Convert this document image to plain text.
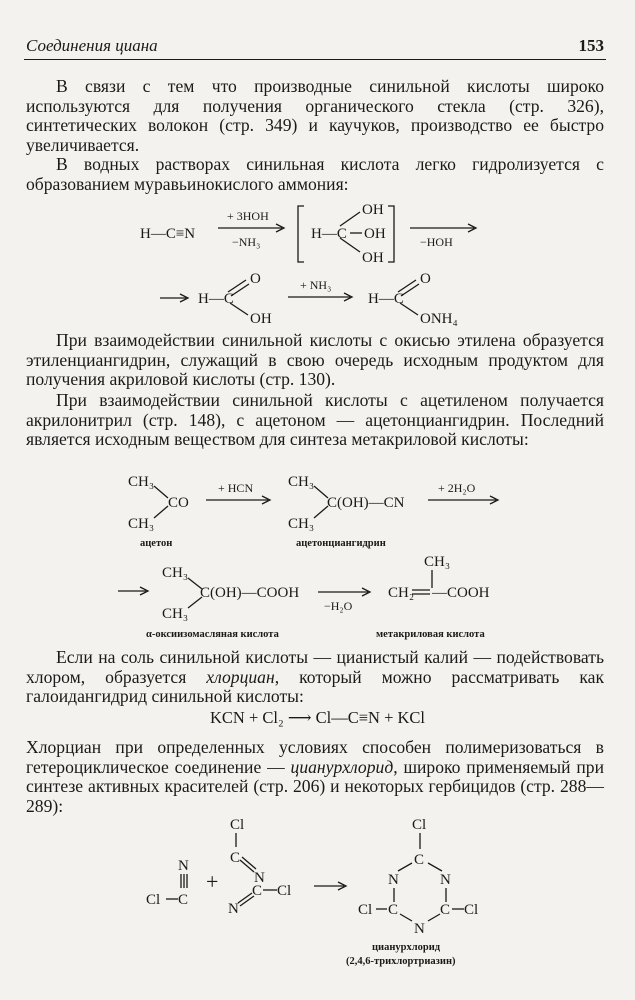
Соединения циана	153

В связи с тем что производные синильной кислоты широко используются для получения органического стекла (стр. 326), синтетических волокон (стр. 349) и каучуков, производство ее быстро увеличивается.

В водных растворах синильная кислота легко гидролизуется с образованием муравьинокислого аммония:

H—C≡N
+ 3HOH
−NH₃	H—C
OH
OH
OH
−HOH
H—C
O
OH
+ NH₃
H—C
O
ONH₄

При взаимодействии синильной кислоты с окисью этилена образуется этиленциангидрин, служащий в свою очередь исходным продуктом для получения акриловой кислоты (стр. 130).

При взаимодействии синильной кислоты с ацетиленом получается акрилонитрил (стр. 148), с ацетоном — ацетонциангидрин. Последний является исходным веществом для синтеза метакриловой кислоты:

CH₃
CO
CH₃
ацетон
+ HCN CH₃
C(OH)—CN
CH₃
ацетонциангидрин
+ 2H₂O
CH₃
C(OH)—COOH
CH₃
α-оксиизомасляная кислота
−H₂O
CH₂
CH₃
—COOH
метакриловая кислота

Если на соль синильной кислоты — цианистый калий — подействовать хлором, образуется хлорциан, который можно рассматривать как галоидангидрид синильной кислоты:

KCN + Cl₂ ⟶ Cl—C≡N + KCl

Хлорциан при определенных условиях способен полимеризоваться в гетероциклическое соединение — циануpхлорид, широко применяемый при синтезе активных красителей (стр. 206) и некоторых гербицидов (стр. 288—289):

Cl C
N
+
Cl
C
N
N
C Cl
Cl
C
N	N
C	C
N
Cl	Cl
циануpхлорид
(2,4,6-трихлортриазин)
